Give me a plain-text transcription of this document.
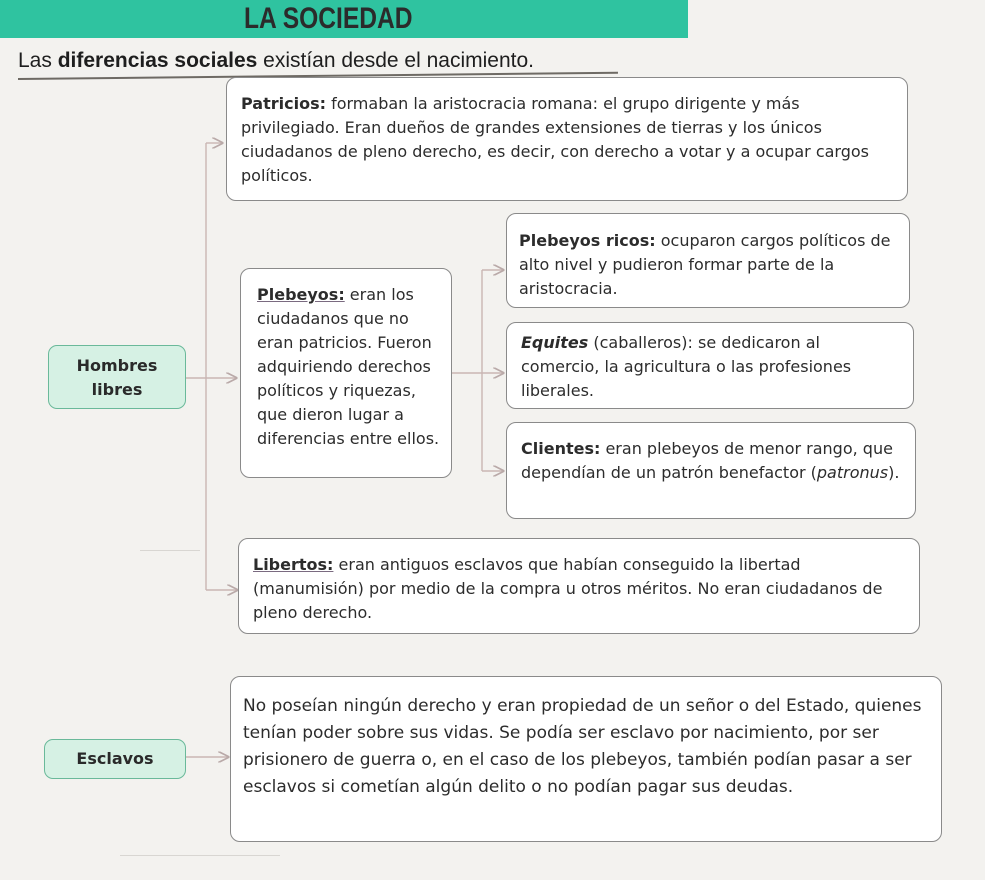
LA SOCIEDAD
Las diferencias sociales existían desde el nacimiento.
Hombres
libres
Esclavos
Patricios: formaban la aristocracia romana: el grupo dirigente y más privilegiado. Eran dueños de grandes extensiones de tierras y los únicos ciudadanos de pleno derecho, es decir, con derecho a votar y a ocupar cargos políticos.
Plebeyos: eran los ciudadanos que no eran patricios. Fueron adquiriendo derechos políticos y riquezas, que dieron lugar a diferencias entre ellos.
Plebeyos ricos: ocuparon cargos políticos de alto nivel y pudieron formar parte de la aristocracia.
Equites (caballeros): se dedicaron al comercio, la agricultura o las profesiones liberales.
Clientes: eran plebeyos de menor rango, que dependían de un patrón benefactor (patronus).
Libertos: eran antiguos esclavos que habían conseguido la libertad (manumisión) por medio de la compra u otros méritos. No eran ciudadanos de pleno derecho.
No poseían ningún derecho y eran propiedad de un señor o del Estado, quienes tenían poder sobre sus vidas. Se podía ser esclavo por nacimiento, por ser prisionero de guerra o, en el caso de los plebeyos, también podían pasar a ser esclavos si cometían algún delito o no podían pagar sus deudas.
